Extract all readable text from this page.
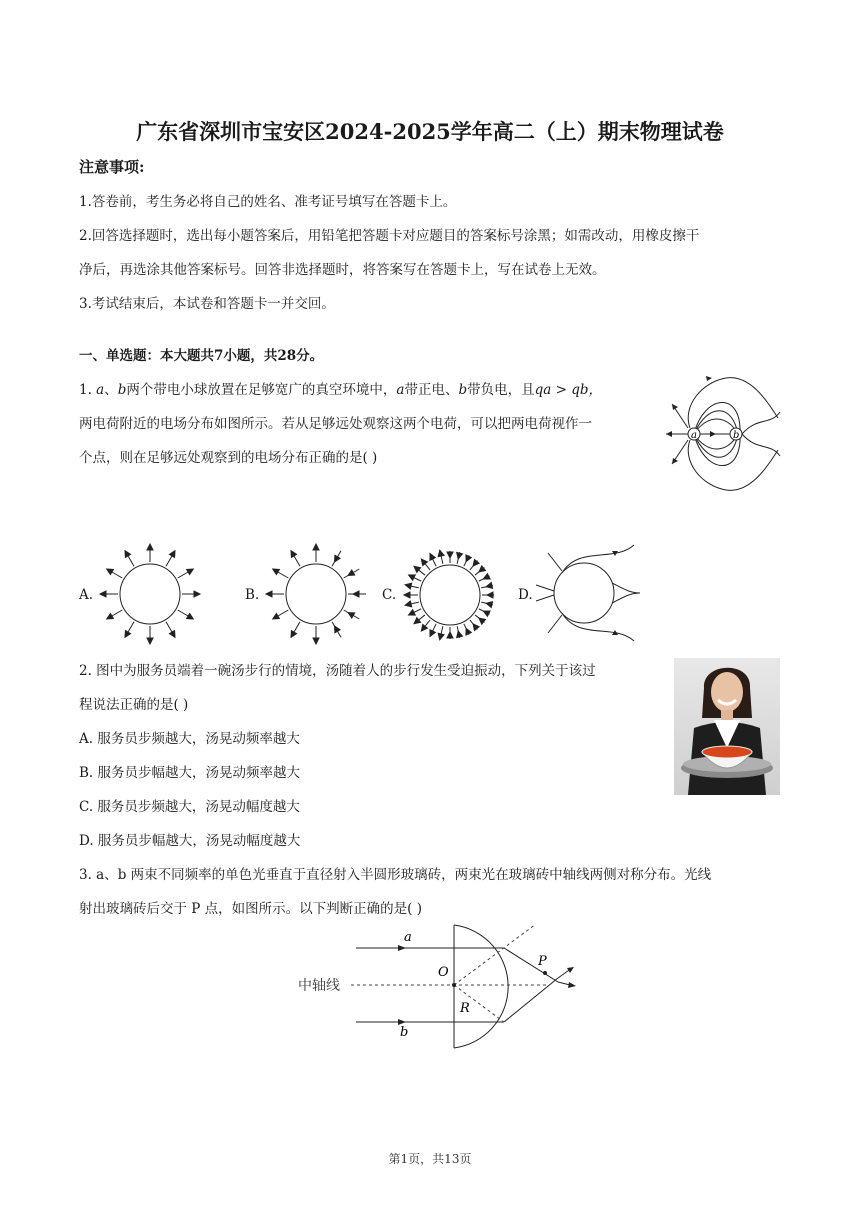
广东省深圳市宝安区2024-2025学年高二（上）期末物理试卷
注意事项:
1.答卷前，考生务必将自己的姓名、准考证号填写在答题卡上。
2.回答选择题时，选出每小题答案后，用铅笔把答题卡对应题目的答案标号涂黑；如需改动，用橡皮擦干
净后，再选涂其他答案标号。回答非选择题时，将答案写在答题卡上，写在试卷上无效。
3.考试结束后，本试卷和答题卡一并交回。
一、单选题：本大题共7小题，共28分。
1. a、b两个带电小球放置在足够宽广的真空环境中，a带正电、b带负电，且qa > qb，
两电荷附近的电场分布如图所示。若从足够远处观察这两个电荷，可以把两电荷视作一
个点，则在足够远处观察到的电场分布正确的是( )
a	b
A.	B.	C.	D.
2. 图中为服务员端着一碗汤步行的情境，汤随着人的步行发生受迫振动，下列关于该过
程说法正确的是( )
A. 服务员步频越大，汤晃动频率越大
B. 服务员步幅越大，汤晃动频率越大
C. 服务员步频越大，汤晃动幅度越大
D. 服务员步幅越大，汤晃动幅度越大
3. a、b 两束不同频率的单色光垂直于直径射入半圆形玻璃砖，两束光在玻璃砖中轴线两侧对称分布。光线
射出玻璃砖后交于 P 点，如图所示。以下判断正确的是( )
a
b
O
R
P
中轴线
第1页，共13页
